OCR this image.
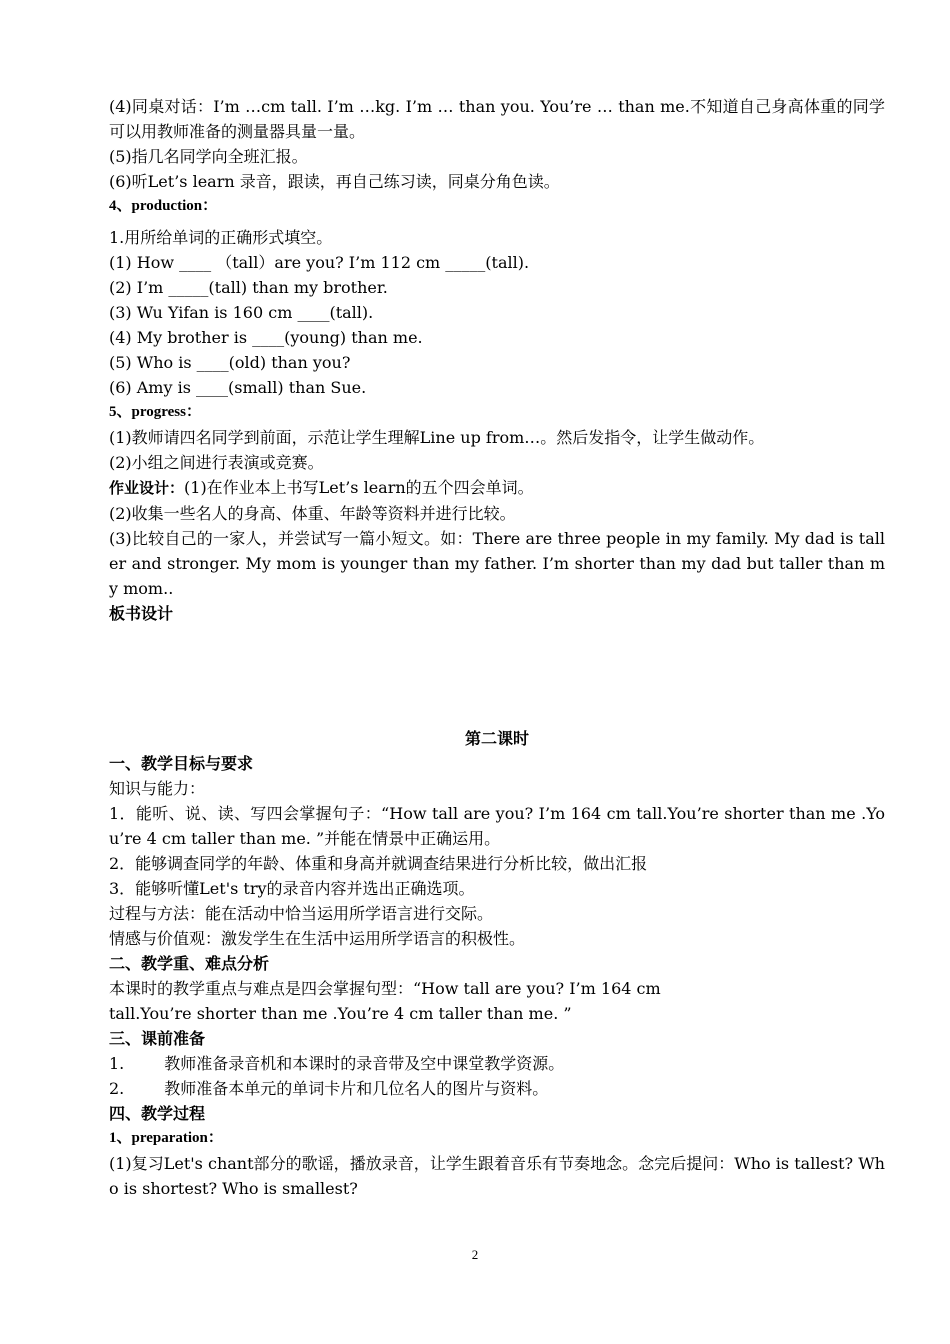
(4)同桌对话：I’m …cm tall. I’m …kg. I’m … than you. You’re … than me.不知道自己身高体重的同学可以用教师准备的测量器具量一量。

(5)指几名同学向全班汇报。

(6)听Let’s learn 录音，跟读，再自己练习读，同桌分角色读。

4、production：

1.用所给单词的正确形式填空。

(1) How ____ （tall）are you? I’m 112 cm _____(tall).

(2) I’m _____(tall) than my brother.

(3) Wu Yifan is 160 cm ____(tall).

(4) My brother is ____(young) than me.

(5) Who is ____(old) than you?

(6) Amy is ____(small) than Sue.

5、progress：

(1)教师请四名同学到前面，示范让学生理解Line up from…。然后发指令，让学生做动作。

(2)小组之间进行表演或竞赛。

作业设计：(1)在作业本上书写Let’s learn的五个四会单词。

(2)收集一些名人的身高、体重、年龄等资料并进行比较。

(3)比较自己的一家人，并尝试写一篇小短文。如：There are three people in my family. My dad is taller and stronger. My mom is younger than my father. I’m shorter than my dad but taller than my mom..

板书设计

第二课时

一、教学目标与要求

知识与能力：

1．能听、说、读、写四会掌握句子：“How tall are you? I’m 164 cm tall.You’re shorter than me .You’re 4 cm taller than me. ”并能在情景中正确运用。

2．能够调查同学的年龄、体重和身高并就调查结果进行分析比较，做出汇报

3．能够听懂Let's try的录音内容并选出正确选项。

过程与方法：能在活动中恰当运用所学语言进行交际。

情感与价值观：激发学生在生活中运用所学语言的积极性。

二、教学重、难点分析

本课时的教学重点与难点是四会掌握句型：“How tall are you? I’m 164 cm

tall.You’re shorter than me .You’re 4 cm taller than me. ”

三、课前准备

1.	教师准备录音机和本课时的录音带及空中课堂教学资源。

2.	教师准备本单元的单词卡片和几位名人的图片与资料。

四、教学过程

1、preparation：

(1)复习Let's chant部分的歌谣，播放录音，让学生跟着音乐有节奏地念。念完后提问：Who is tallest? Who is shortest? Who is smallest?

2
